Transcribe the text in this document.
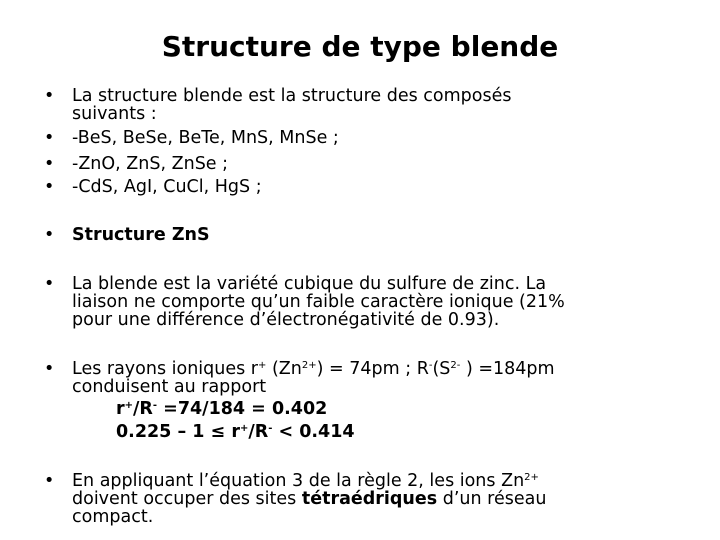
Structure de type blende
• La structure blende est la structure des composés
suivants :
• -BeS, BeSe, BeTe, MnS, MnSe ;
• -ZnO, ZnS, ZnSe ;
• -CdS, AgI, CuCl, HgS ;
• Structure ZnS
• La blende est la variété cubique du sulfure de zinc. La
liaison ne comporte qu’un faible caractère ionique (21%
pour une différence d’électronégativité de 0.93).
• Les rayons ioniques r+ $(Zn^{2+}) = 74pm$ ; $R^-(S^{2-}$ ) =184pm
conduisent au rapport
r+/R- =74/184 = 0.402
0.225 – 1 ≤ r+/R- < 0.414
• En appliquant l’équation 3 de la règle 2, les ions $Zn^{2+}$
doivent occuper des sites tétraédriques d’un réseau
compact.
